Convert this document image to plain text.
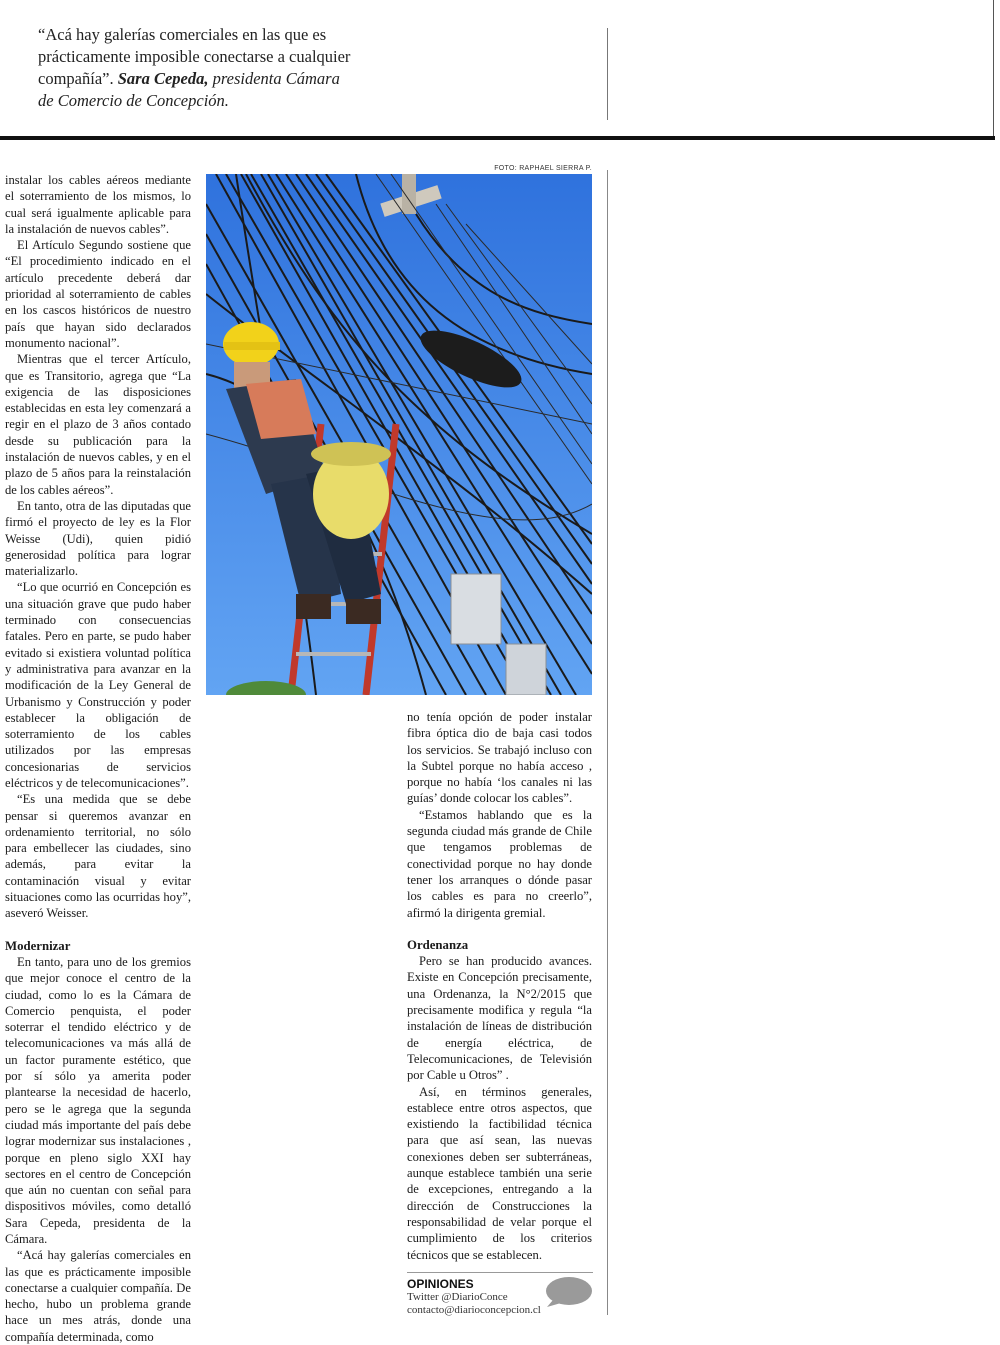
“Acá hay galerías comerciales en las que es prácticamente imposible conectarse a cualquier compañía”. Sara Cepeda, presidenta Cámara de Comercio de Concepción.

instalar los cables aéreos mediante el soterramiento de los mismos, lo cual será igualmente aplicable para la instalación de nuevos cables”.

El Artículo Segundo sostiene que “El procedimiento indicado en el artículo precedente deberá dar prioridad al soterramiento de cables en los cascos históricos de nuestro país que hayan sido declarados monumento nacional”.

Mientras que el tercer Artículo, que es Transitorio, agrega que “La exigencia de las disposiciones establecidas en esta ley comenzará a regir en el plazo de 3 años contado desde su publicación para la instalación de nuevos cables, y en el plazo de 5 años para la reinstalación de los cables aéreos”.

En tanto, otra de las diputadas que firmó el proyecto de ley es la Flor Weisse (Udi), quien pidió generosidad política para lograr materializarlo.

“Lo que ocurrió en Concepción es una situación grave que pudo haber terminado con consecuencias fatales. Pero en parte, se pudo haber evitado si existiera voluntad política y administrativa para avanzar en la modificación de la Ley General de Urbanismo y Construcción y poder establecer la obligación de soterramiento de los cables utilizados por las empresas concesionarias de servicios eléctricos y de telecomunicaciones”.

“Es una medida que se debe pensar si queremos avanzar en ordenamiento territorial, no sólo para embellecer las ciudades, sino además, para evitar la contaminación visual y evitar situaciones como las ocurridas hoy”, aseveró Weisser.

Modernizar

En tanto, para uno de los gremios que mejor conoce el centro de la ciudad, como lo es la Cámara de Comercio penquista, el poder soterrar el tendido eléctrico y de telecomunicaciones va más allá de un factor puramente estético, que por sí sólo ya amerita poder plantearse la necesidad de hacerlo, pero se le agrega que la segunda ciudad más importante del país debe lograr modernizar sus instalaciones , porque en pleno siglo XXI hay sectores en el centro de Concepción que aún no cuentan con señal para dispositivos móviles, como detalló Sara Cepeda, presidenta de la Cámara.

“Acá hay galerías comerciales en las que es prácticamente imposible conectarse a cualquier compañía. De hecho, hubo un problema grande hace un mes atrás, donde una compañía determinada, como

FOTO: RAPHAEL SIERRA P.

no tenía opción de poder instalar fibra óptica dio de baja casi todos los servicios. Se trabajó incluso con la Subtel porque no había acceso , porque no había ‘los canales ni las guías’ donde colocar los cables”.

“Estamos hablando que es la segunda ciudad más grande de Chile que tengamos problemas de conectividad porque no hay donde tener los arranques o dónde pasar los cables es para no creerlo”, afirmó la dirigenta gremial.

Ordenanza

Pero se han producido avances. Existe en Concepción precisamente, una Ordenanza, la N°2/2015 que precisamente modifica y regula “la instalación de líneas de distribución de energía eléctrica, de Telecomunicaciones, de Televisión por Cable u Otros” .

Así, en términos generales, establece entre otros aspectos, que existiendo la factibilidad técnica para que así sean, las nuevas conexiones deben ser subterráneas, aunque establece también una serie de excepciones, entregando a la dirección de Construcciones la responsabilidad de velar porque el cumplimiento de los criterios técnicos que se establecen.

OPINIONES
Twitter @DiarioConce
contacto@diarioconcepcion.cl
